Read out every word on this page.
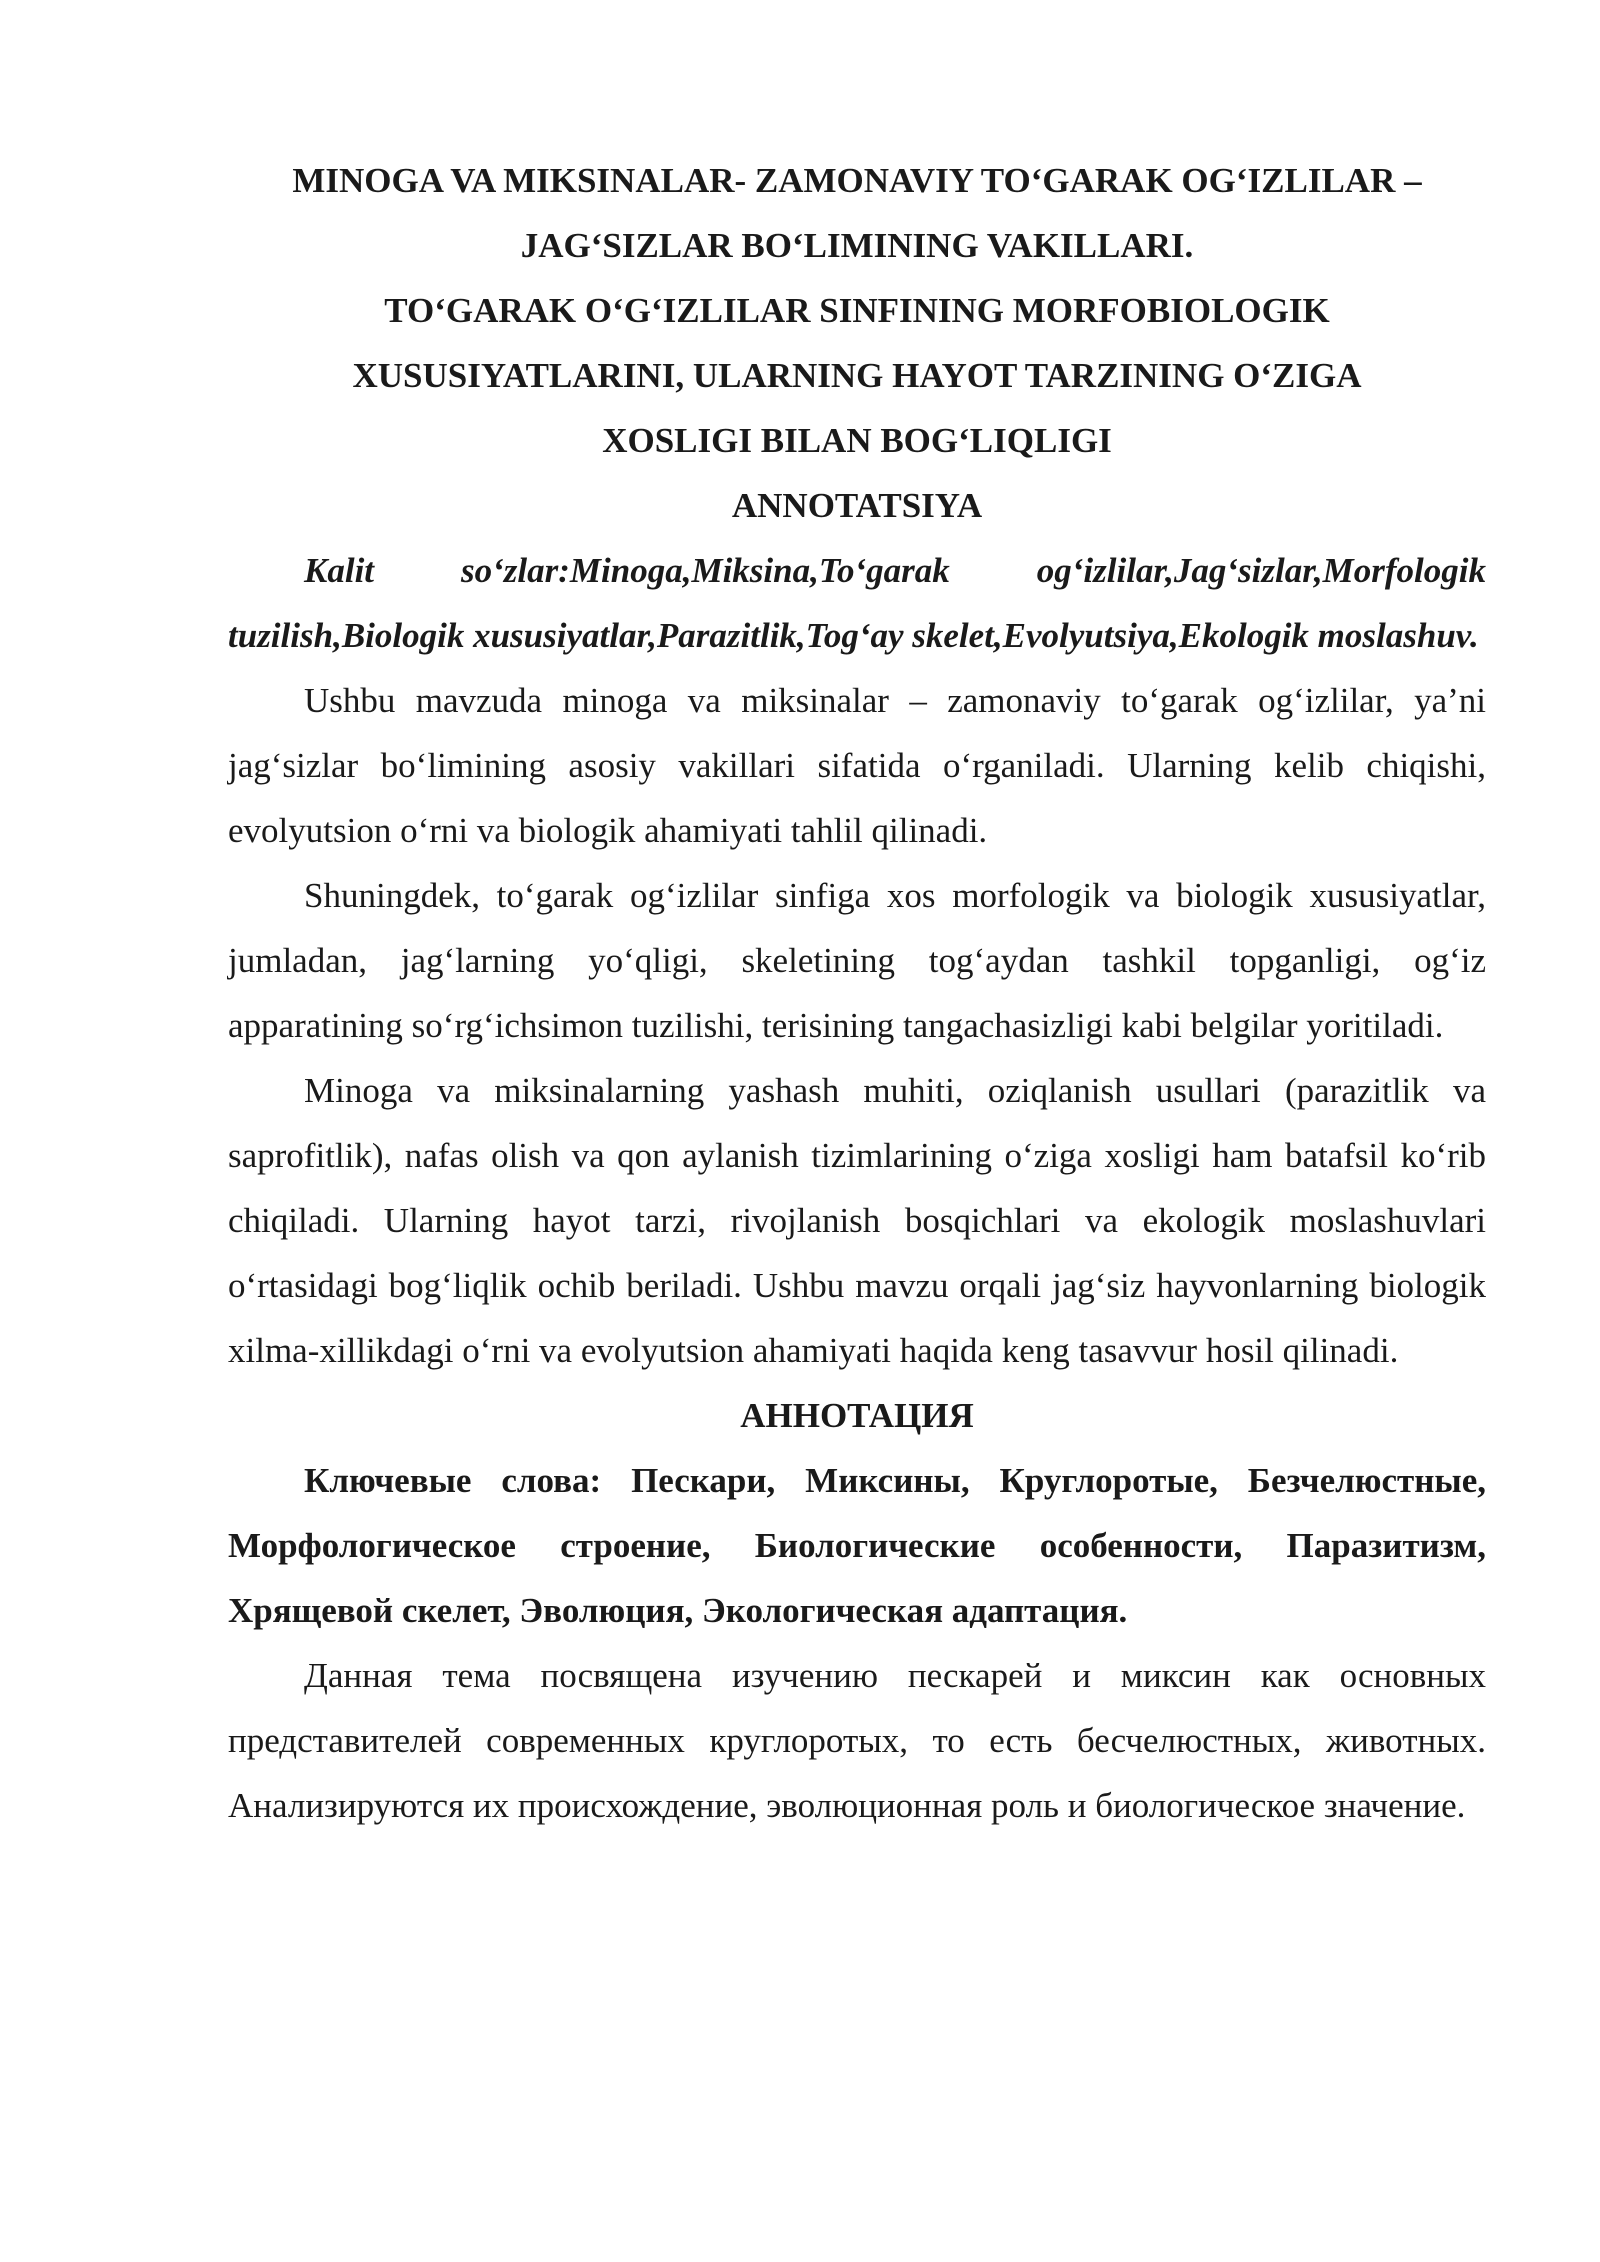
MINOGA VA MIKSINALAR- ZAMONAVIY TO‘GARAK OG‘IZLILAR –
JAG‘SIZLAR BO‘LIMINING VAKILLARI.
TO‘GARAK O‘G‘IZLILAR SINFINING MORFOBIOLOGIK
XUSUSIYATLARINI, ULARNING HAYOT TARZINING O‘ZIGA
XOSLIGI BILAN BOG‘LIQLIGI
ANNOTATSIYA

Kalit so‘zlar:Minoga,Miksina,To‘garak og‘izlilar,Jag‘sizlar,Morfologik tuzilish,Biologik xususiyatlar,Parazitlik,Tog‘ay skelet,Evolyutsiya,Ekologik moslashuv.

Ushbu mavzuda minoga va miksinalar – zamonaviy to‘garak og‘izlilar, ya’ni jag‘sizlar bo‘limining asosiy vakillari sifatida o‘rganiladi. Ularning kelib chiqishi, evolyutsion o‘rni va biologik ahamiyati tahlil qilinadi.

Shuningdek, to‘garak og‘izlilar sinfiga xos morfologik va biologik xususiyatlar, jumladan, jag‘larning yo‘qligi, skeletining tog‘aydan tashkil topganligi, og‘iz apparatining so‘rg‘ichsimon tuzilishi, terisining tangachasizligi kabi belgilar yoritiladi.

Minoga va miksinalarning yashash muhiti, oziqlanish usullari (parazitlik va saprofitlik), nafas olish va qon aylanish tizimlarining o‘ziga xosligi ham batafsil ko‘rib chiqiladi. Ularning hayot tarzi, rivojlanish bosqichlari va ekologik moslashuvlari o‘rtasidagi bog‘liqlik ochib beriladi. Ushbu mavzu orqali jag‘siz hayvonlarning biologik xilma-xillikdagi o‘rni va evolyutsion ahamiyati haqida keng tasavvur hosil qilinadi.

АННОТАЦИЯ

Ключевые слова: Пескари, Миксины, Круглоротые, Безчелюстные, Морфологическое строение, Биологические особенности, Паразитизм, Хрящевой скелет, Эволюция, Экологическая адаптация.

Данная тема посвящена изучению пескарей и миксин как основных представителей современных круглоротых, то есть бесчелюстных, животных. Анализируются их происхождение, эволюционная роль и биологическое значение.
